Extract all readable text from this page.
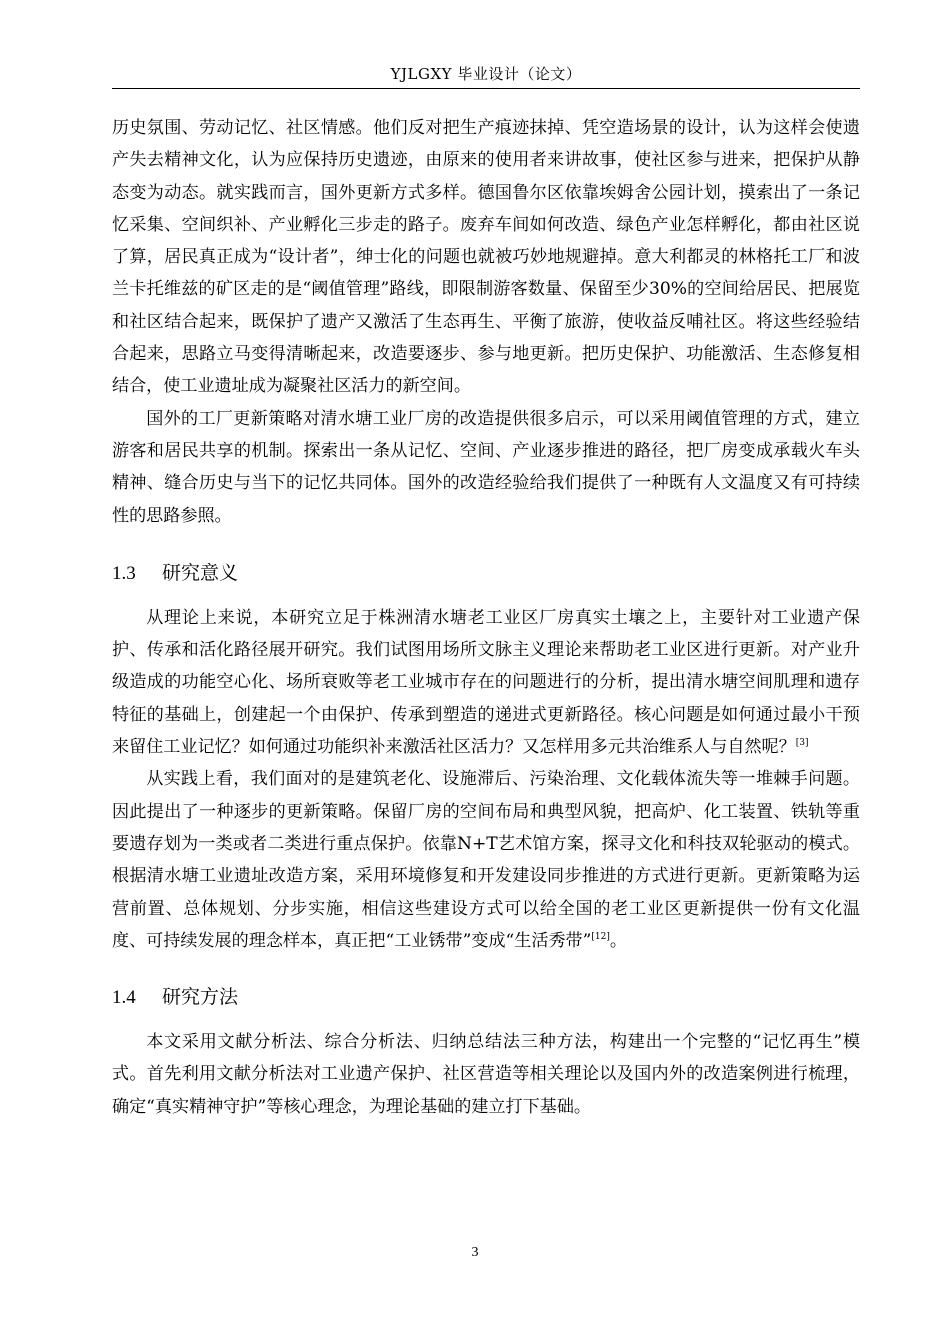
YJLGXY 毕业设计（论文）

历史氛围、劳动记忆、社区情感。他们反对把生产痕迹抹掉、凭空造场景的设计，认为这样会使遗产失去精神文化，认为应保持历史遗迹，由原来的使用者来讲故事，使社区参与进来，把保护从静态变为动态。就实践而言，国外更新方式多样。德国鲁尔区依靠埃姆舍公园计划，摸索出了一条记忆采集、空间织补、产业孵化三步走的路子。废弃车间如何改造、绿色产业怎样孵化，都由社区说了算，居民真正成为“设计者”，绅士化的问题也就被巧妙地规避掉。意大利都灵的林格托工厂和波兰卡托维兹的矿区走的是“阈值管理”路线，即限制游客数量、保留至少30%的空间给居民、把展览和社区结合起来，既保护了遗产又激活了生态再生、平衡了旅游，使收益反哺社区。将这些经验结合起来，思路立马变得清晰起来，改造要逐步、参与地更新。把历史保护、功能激活、生态修复相结合，使工业遗址成为凝聚社区活力的新空间。

国外的工厂更新策略对清水塘工业厂房的改造提供很多启示，可以采用阈值管理的方式，建立游客和居民共享的机制。探索出一条从记忆、空间、产业逐步推进的路径，把厂房变成承载火车头精神、缝合历史与当下的记忆共同体。国外的改造经验给我们提供了一种既有人文温度又有可持续性的思路参照。

1.3 研究意义

从理论上来说，本研究立足于株洲清水塘老工业区厂房真实土壤之上，主要针对工业遗产保护、传承和活化路径展开研究。我们试图用场所文脉主义理论来帮助老工业区进行更新。对产业升级造成的功能空心化、场所衰败等老工业城市存在的问题进行的分析，提出清水塘空间肌理和遗存特征的基础上，创建起一个由保护、传承到塑造的递进式更新路径。核心问题是如何通过最小干预来留住工业记忆？如何通过功能织补来激活社区活力？又怎样用多元共治维系人与自然呢？[3]

从实践上看，我们面对的是建筑老化、设施滞后、污染治理、文化载体流失等一堆棘手问题。因此提出了一种逐步的更新策略。保留厂房的空间布局和典型风貌，把高炉、化工装置、铁轨等重要遗存划为一类或者二类进行重点保护。依靠N+T艺术馆方案，探寻文化和科技双轮驱动的模式。根据清水塘工业遗址改造方案，采用环境修复和开发建设同步推进的方式进行更新。更新策略为运营前置、总体规划、分步实施，相信这些建设方式可以给全国的老工业区更新提供一份有文化温度、可持续发展的理念样本，真正把“工业锈带”变成“生活秀带”[12]。

1.4 研究方法

本文采用文献分析法、综合分析法、归纳总结法三种方法，构建出一个完整的“记忆再生”模式。首先利用文献分析法对工业遗产保护、社区营造等相关理论以及国内外的改造案例进行梳理，确定“真实精神守护”等核心理念，为理论基础的建立打下基础。

3
